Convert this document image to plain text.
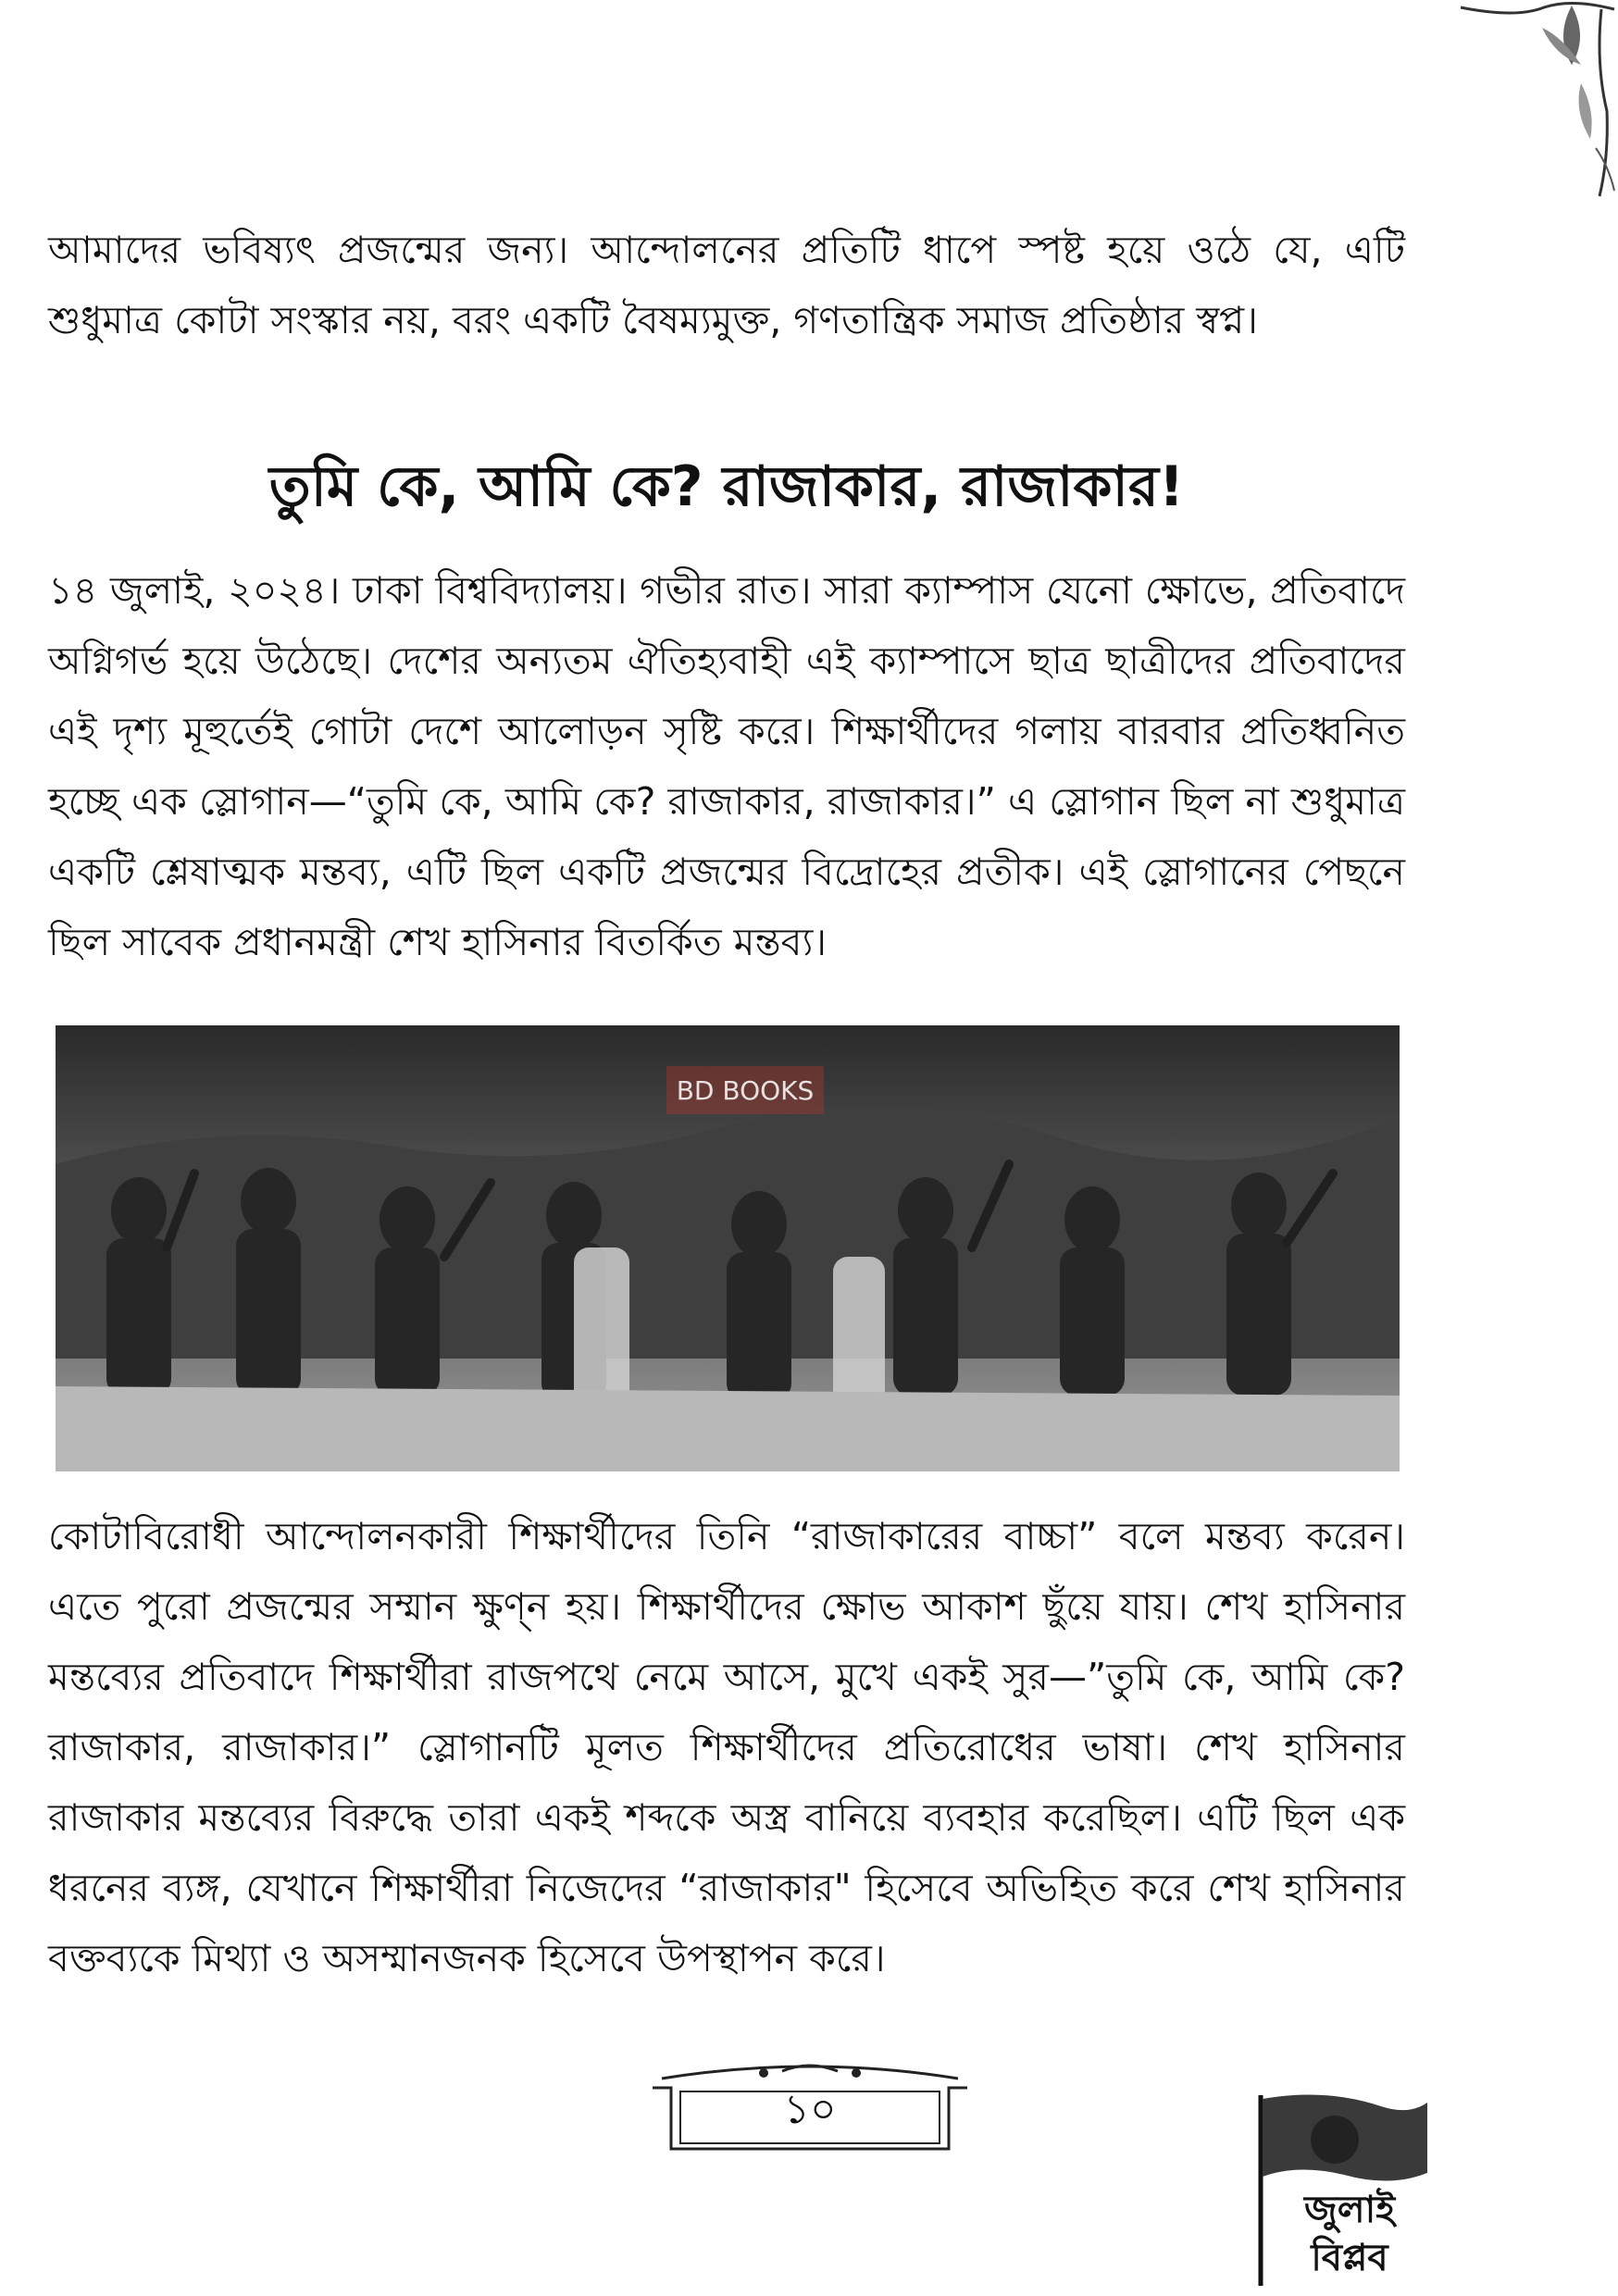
আমাদের ভবিষ্যৎ প্রজন্মের জন্য। আন্দোলনের প্রতিটি ধাপে স্পষ্ট হয়ে ওঠে যে, এটি শুধুমাত্র কোটা সংস্কার নয়, বরং একটি বৈষম্যমুক্ত, গণতান্ত্রিক সমাজ প্রতিষ্ঠার স্বপ্ন।

তুমি কে, আমি কে? রাজাকার, রাজাকার!

১৪ জুলাই, ২০২৪। ঢাকা বিশ্ববিদ্যালয়। গভীর রাত। সারা ক্যাম্পাস যেনো ক্ষোভে, প্রতিবাদে অগ্নিগর্ভ হয়ে উঠেছে। দেশের অন্যতম ঐতিহ্যবাহী এই ক্যাম্পাসে ছাত্র ছাত্রীদের প্রতিবাদের এই দৃশ্য মূহুর্তেই গোটা দেশে আলোড়ন সৃষ্টি করে। শিক্ষার্থীদের গলায় বারবার প্রতিধ্বনিত হচ্ছে এক স্লোগান—“তুমি কে, আমি কে? রাজাকার, রাজাকার।” এ স্লোগান ছিল না শুধুমাত্র একটি শ্লেষাত্মক মন্তব্য, এটি ছিল একটি প্রজন্মের বিদ্রোহের প্রতীক। এই স্লোগানের পেছনে ছিল সাবেক প্রধানমন্ত্রী শেখ হাসিনার বিতর্কিত মন্তব্য।

BD BOOKS

কোটাবিরোধী আন্দোলনকারী শিক্ষার্থীদের তিনি “রাজাকারের বাচ্চা” বলে মন্তব্য করেন। এতে পুরো প্রজন্মের সম্মান ক্ষুণ্ন হয়। শিক্ষার্থীদের ক্ষোভ আকাশ ছুঁয়ে যায়। শেখ হাসিনার মন্তব্যের প্রতিবাদে শিক্ষার্থীরা রাজপথে নেমে আসে, মুখে একই সুর—”তুমি কে, আমি কে? রাজাকার, রাজাকার।” স্লোগানটি মূলত শিক্ষার্থীদের প্রতিরোধের ভাষা। শেখ হাসিনার রাজাকার মন্তব্যের বিরুদ্ধে তারা একই শব্দকে অস্ত্র বানিয়ে ব্যবহার করেছিল। এটি ছিল এক ধরনের ব্যঙ্গ, যেখানে শিক্ষার্থীরা নিজেদের “রাজাকার" হিসেবে অভিহিত করে শেখ হাসিনার বক্তব্যকে মিথ্যা ও অসম্মানজনক হিসেবে উপস্থাপন করে।

১০
জুলাই
বিপ্লব
